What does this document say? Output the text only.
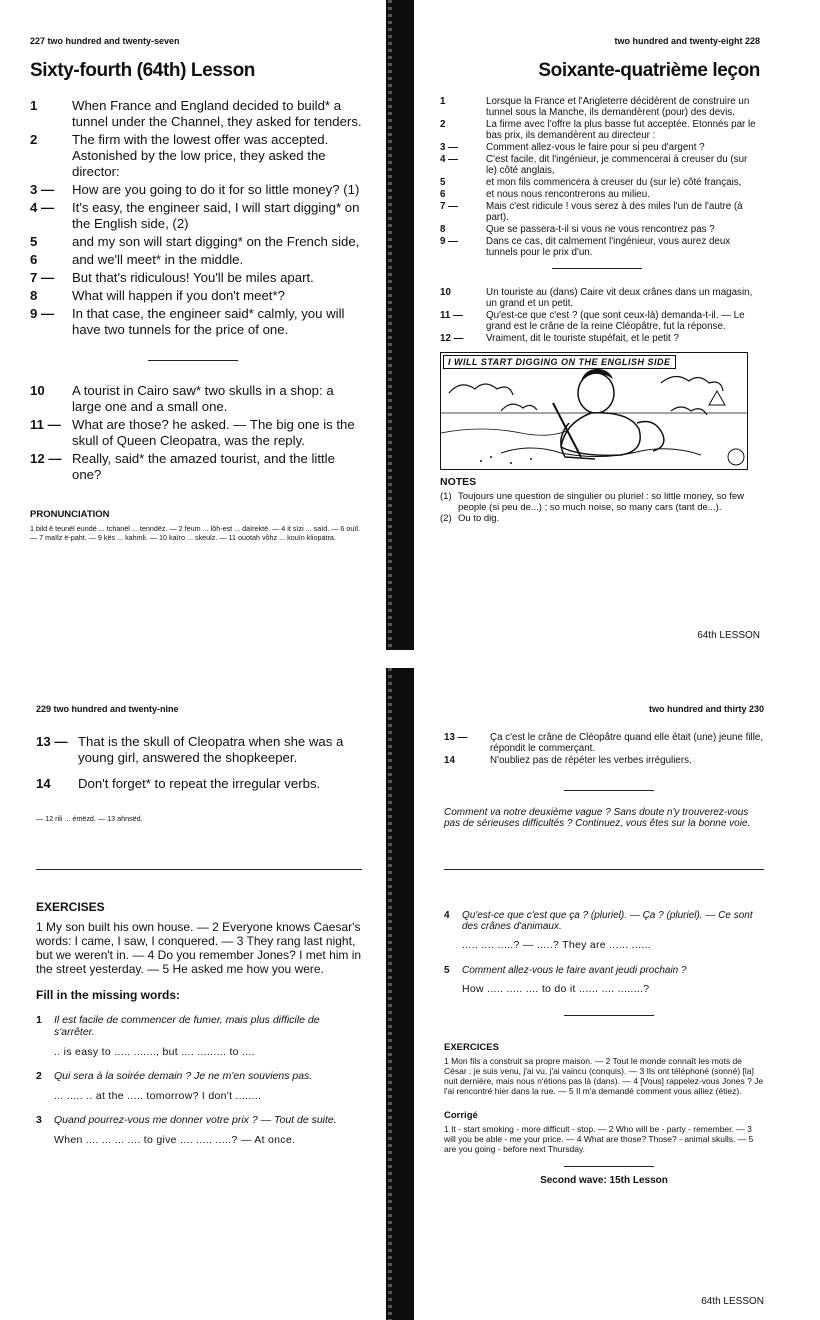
227 two hundred and twenty-seven
Sixty-fourth (64th) Lesson
1	When France and England decided to build* a tunnel under the Channel, they asked for tenders.
2	The firm with the lowest offer was accepted. Astonished by the low price, they asked the director:
3 — How are you going to do it for so little money? (1)
4 — It's easy, the engineer said, I will start digging* on the English side, (2)
5	and my son will start digging* on the French side,
6	and we'll meet* in the middle.
7 — But that's ridiculous! You'll be miles apart.
8	What will happen if you don't meet*?
9 — In that case, the engineer said* calmly, you will have two tunnels for the price of one.
10 A tourist in Cairo saw* two skulls in a shop: a large one and a small one.
11 — What are those? he asked. — The big one is the skull of Queen Cleopatra, was the reply.
12 — Really, said* the amazed tourist, and the little one?
PRONUNCIATION
1 bild ê teunël eundé ... tchanël ... tenndëz. — 2 feum ... lôh-est ... daïrektë. — 4 it sïzi ... saïd. — 6 ouïl. — 7 maïlz ë-paht. — 9 kës ... kahmli. — 10 kaïro ... skeulz. — 11 ouotah vôhz ... kouïn kliopatra.
two hundred and twenty-eight 228
Soixante-quatrième leçon
1	Lorsque la France et l'Angleterre décidèrent de construire un tunnel sous la Manche, ils demandèrent (pour) des devis.
2	La firme avec l'offre la plus basse fut acceptée. Etonnés par le bas prix, ils demandèrent au directeur :
3 —	Comment allez-vous le faire pour si peu d'argent ?
4 —	C'est facile, dit l'ingénieur, je commencerai à creuser du (sur le) côté anglais,
5	et mon fils commencera à creuser du (sur le) côté français,
6	et nous nous rencontrerons au milieu.
7 —	Mais c'est ridicule ! vous serez à des miles l'un de l'autre (à part).
8	Que se passera-t-il si vous ne vous rencontrez pas ?
9 —	Dans ce cas, dit calmement l'ingénieur, vous aurez deux tunnels pour le prix d'un.
10	Un touriste au (dans) Caire vit deux crânes dans un magasin, un grand et un petit.
11 — Qu'est-ce que c'est ? (que sont ceux-là) demanda-t-il. — Le grand est le crâne de la reine Cléopâtre, fut la réponse.
12 — Vraiment, dit le touriste stupéfait, et le petit ?
I WILL START DIGGING ON THE ENGLISH SIDE
NOTES
(1) Toujours une question de singulier ou pluriel : so little money, so few people (si peu de...) ; so much noise, so many cars (tant de...).
(2) Ou to dig.
64th LESSON
229 two hundred and twenty-nine
13 — That is the skull of Cleopatra when she was a young girl, answered the shopkeeper.
14 Don't forget* to repeat the irregular verbs.
— 12 rili ... émëzd. — 13 ahnsëd.
EXERCISES
1 My son built his own house. — 2 Everyone knows Caesar's words: I came, I saw, I conquered. — 3 They rang last night, but we weren't in. — 4 Do you remember Jones? I met him in the street yesterday. — 5 He asked me how you were.
Fill in the missing words:
1 Il est facile de commencer de fumer, mais plus difficile de s'arrêter.
.. is easy to ..... ......., but .... ......... to ....
2 Qui sera à la soirée demain ? Je ne m'en souviens pas.
... ..... .. at the ..... tomorrow? I don't ........
3 Quand pourrez-vous me donner votre prix ? — Tout de suite.
When .... ... ... .... to give .... ..... .....? — At once.
two hundred and thirty 230
13 — Ça c'est le crâne de Cléopâtre quand elle était (une) jeune fille, répondit le commerçant.
14	N'oubliez pas de répéter les verbes irréguliers.
Comment va notre deuxième vague ? Sans doute n'y trouverez-vous pas de sérieuses difficultés ? Continuez, vous êtes sur la bonne voie.
4 Qu'est-ce que c'est que ça ? (pluriel). — Ça ? (pluriel). — Ce sont des crânes d'animaux.
..... .... .....? — .....? They are ...... ......
5 Comment allez-vous le faire avant jeudi prochain ?
How ..... ..... .... to do it ...... .... ........?
EXERCICES
1 Mon fils a construit sa propre maison. — 2 Tout le monde connaît les mots de César : je suis venu, j'ai vu, j'ai vaincu (conquis). — 3 Ils ont téléphoné (sonné) [la] nuit dernière, mais nous n'étions pas là (dans). — 4 [Vous] rappelez-vous Jones ? Je l'ai rencontré hier dans la rue. — 5 Il m'a demandé comment vous alliez (étiez).
Corrigé
1 It - start smoking - more difficult - stop. — 2 Who will be - party - remember. — 3 will you be able - me your price. — 4 What are those? Those? - animal skulls. — 5 are you going - before next Thursday.
Second wave: 15th Lesson
64th LESSON
